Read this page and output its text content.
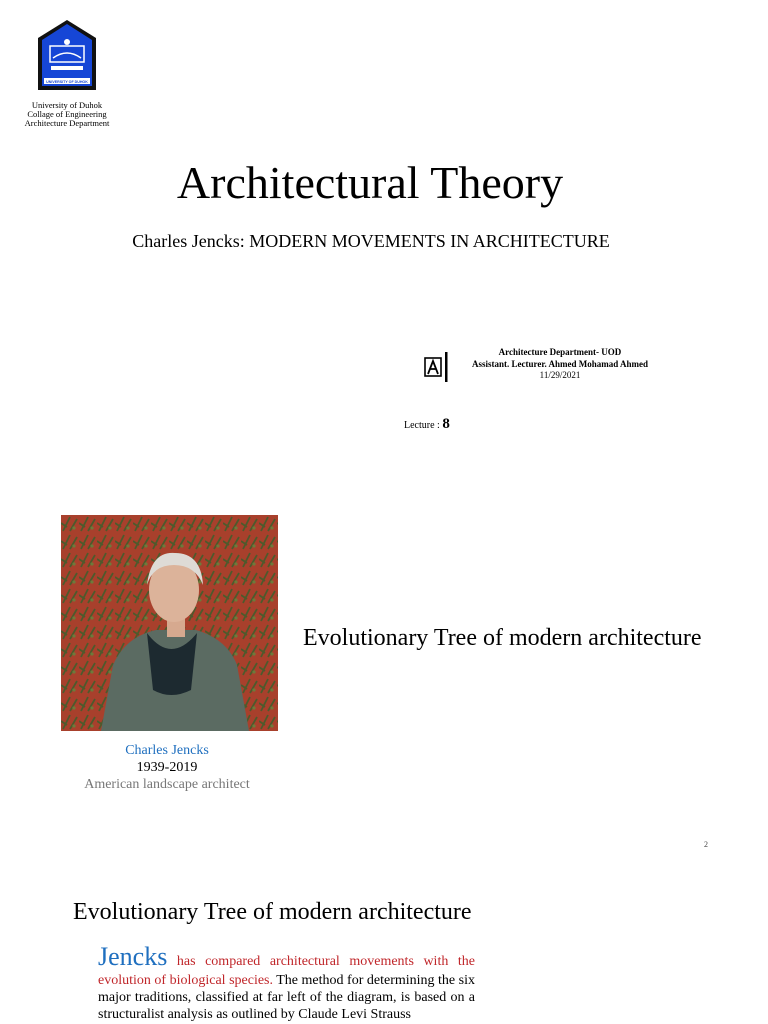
UNIVERSITY OF DUHOK
University of Duhok
Collage of Engineering
Architecture Department
Architectural Theory
Charles Jencks: MODERN MOVEMENTS IN ARCHITECTURE
Architecture Department- UOD
Assistant. Lecturer. Ahmed Mohamad Ahmed
11/29/2021
Lecture : 8
Evolutionary Tree of modern architecture
Charles Jencks
1939-2019
American landscape architect
2
Evolutionary Tree of modern architecture
Jencks has compared architectural movements with the evolution of biological species. The method for determining the six major traditions, classified at far left of the diagram, is based on a structuralist analysis as outlined by Claude Levi Strauss
